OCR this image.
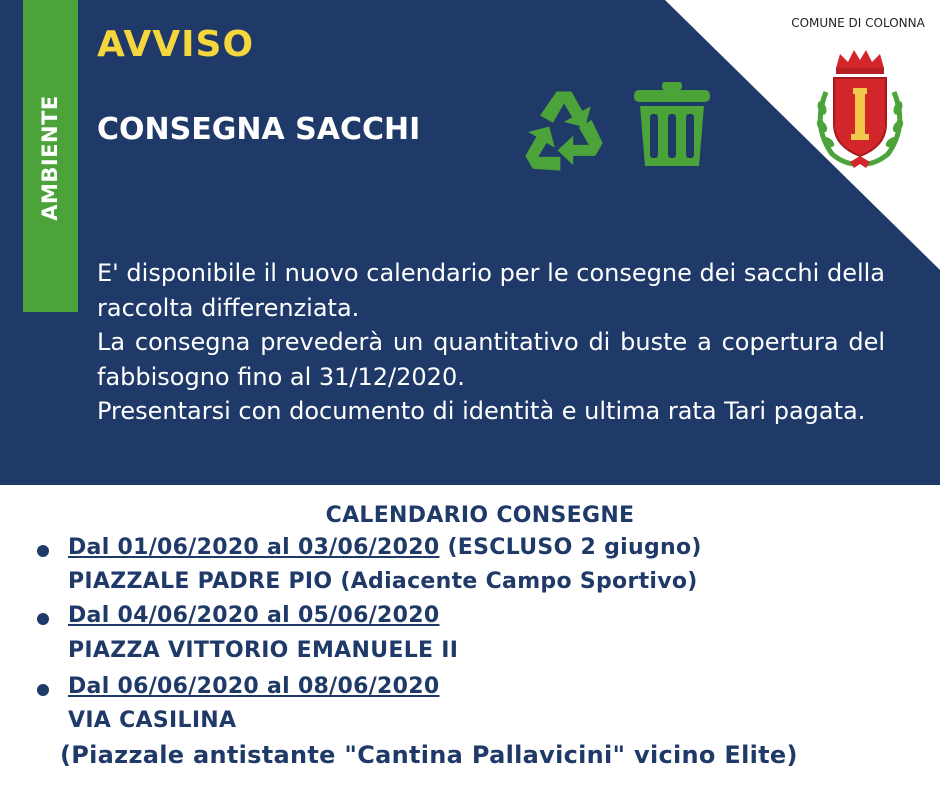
AMBIENTE
AVVISO
CONSEGNA SACCHI
COMUNE DI COLONNA
E' disponibile il nuovo calendario per le consegne dei sacchi della raccolta differenziata.
La consegna prevederà un quantitativo di buste a copertura del fabbisogno fino al 31/12/2020.
Presentarsi con documento di identità e ultima rata Tari pagata.
CALENDARIO CONSEGNE
Dal 01/06/2020 al 03/06/2020 (ESCLUSO 2 giugno)
PIAZZALE PADRE PIO (Adiacente Campo Sportivo)
Dal 04/06/2020 al 05/06/2020
PIAZZA VITTORIO EMANUELE II
Dal 06/06/2020 al 08/06/2020
VIA CASILINA
(Piazzale antistante "Cantina Pallavicini" vicino Elite)
